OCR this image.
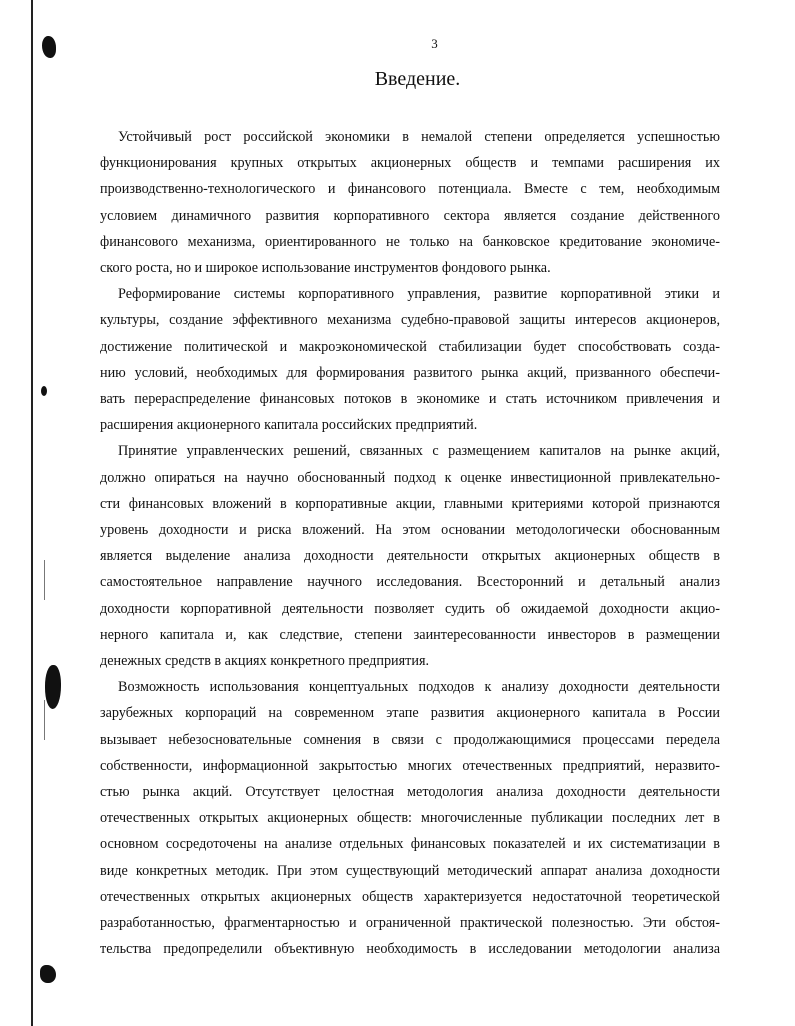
3
Введение.

Устойчивый рост российской экономики в немалой степени определяется успешностью
функционирования крупных открытых акционерных обществ и темпами расширения их
производственно-технологического и финансового потенциала. Вместе с тем, необходимым
условием динамичного развития корпоративного сектора является создание действенного
финансового механизма, ориентированного не только на банковское кредитование экономиче-
ского роста, но и широкое использование инструментов фондового рынка.

Реформирование системы корпоративного управления, развитие корпоративной этики и
культуры, создание эффективного механизма судебно-правовой защиты интересов акционеров,
достижение политической и макроэкономической стабилизации будет способствовать созда-
нию условий, необходимых для формирования развитого рынка акций, призванного обеспечи-
вать перераспределение финансовых потоков в экономике и стать источником привлечения и
расширения акционерного капитала российских предприятий.

Принятие управленческих решений, связанных с размещением капиталов на рынке акций,
должно опираться на научно обоснованный подход к оценке инвестиционной привлекательно-
сти финансовых вложений в корпоративные акции, главными критериями которой признаются
уровень доходности и риска вложений. На этом основании методологически обоснованным
является выделение анализа доходности деятельности открытых акционерных обществ в
самостоятельное направление научного исследования. Всесторонний и детальный анализ
доходности корпоративной деятельности позволяет судить об ожидаемой доходности акцио-
нерного капитала и, как следствие, степени заинтересованности инвесторов в размещении
денежных средств в акциях конкретного предприятия.

Возможность использования концептуальных подходов к анализу доходности деятельности
зарубежных корпораций на современном этапе развития акционерного капитала в России
вызывает небезосновательные сомнения в связи с продолжающимися процессами передела
собственности, информационной закрытостью многих отечественных предприятий, неразвито-
стью рынка акций. Отсутствует целостная методология анализа доходности деятельности
отечественных открытых акционерных обществ: многочисленные публикации последних лет в
основном сосредоточены на анализе отдельных финансовых показателей и их систематизации в
виде конкретных методик. При этом существующий методический аппарат анализа доходности
отечественных открытых акционерных обществ характеризуется недостаточной теоретической
разработанностью, фрагментарностью и ограниченной практической полезностью. Эти обстоя-
тельства предопределили объективную необходимость в исследовании методологии анализа
